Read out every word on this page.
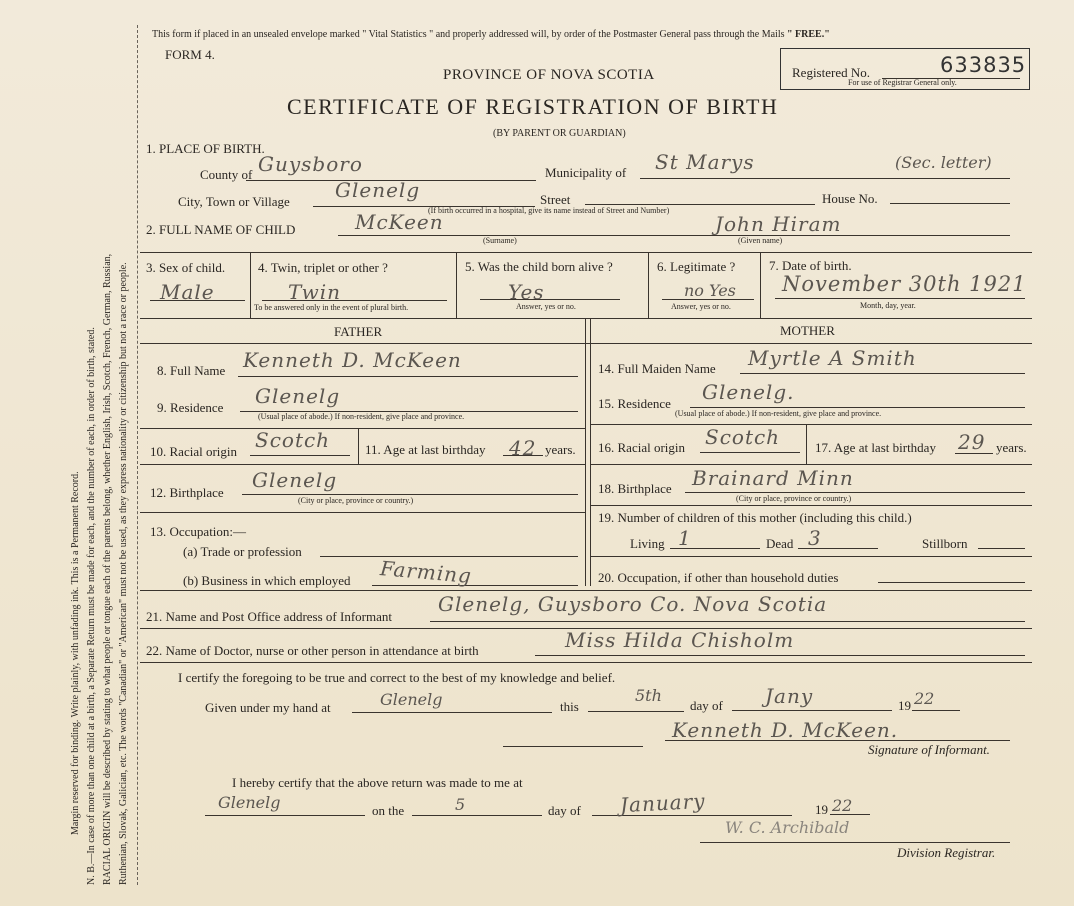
Margin reserved for binding. Write plainly, with unfading ink. This is a Permanent Record. N. B.—In case of more than one child at a birth, a Separate Return must be made for each, and the number of each, in order of birth, stated. RACIAL ORIGIN will be described by stating to what people or tongue each of the parents belong, whether English, Irish, Scotch, French, German, Russian, Ruthenian, Slovak, Galician, etc. The words "Canadian" or "American" must not be used, as they express nationality or citizenship but not a race or people.
This form if placed in an unsealed envelope marked " Vital Statistics " and properly addressed will, by order of the Postmaster General pass through the Mails " FREE."
FORM 4.
Registered No.	633835
For use of Registrar General only.
PROVINCE OF NOVA SCOTIA
CERTIFICATE OF REGISTRATION OF BIRTH
(BY PARENT OR GUARDIAN)
1. PLACE OF BIRTH.
County of Guysboro	Municipality of St Marys	(Sec. letter)
City, Town or Village Glenelg	Street	House No.
(If birth occurred in a hospital, give its name instead of Street and Number)
2. FULL NAME OF CHILD	McKeen
(Surname)
John Hiram
(Given name)
3. Sex of child.
Male
4. Twin, triplet or other ?
Twin
To be answered only in the event of plural birth.
5. Was the child born alive ?
Yes
Answer, yes or no.
6. Legitimate ?
no Yes
Answer, yes or no.
7. Date of birth.
November 30th 1921
Month, day, year.
FATHER	MOTHER
8. Full Name Kenneth D. McKeen
9. Residence Glenelg
(Usual place of abode.) If non-resident, give place and province.
10. Racial origin Scotch	11. Age at last birthday 42 years.
12. Birthplace
Glenelg
(City or place, province or country.)
13. Occupation:—
(a) Trade or profession
(b) Business in which employed Farming
14. Full Maiden Name Myrtle A Smith
15. Residence Glenelg.
(Usual place of abode.) If non-resident, give place and province.
16. Racial origin Scotch	17. Age at last birthday 29 years.
18. Birthplace Brainard Minn
(City or place, province or country.)
19. Number of children of this mother (including this child.)
Living 1	Dead 3	Stillborn
20. Occupation, if other than household duties
21. Name and Post Office address of Informant
Glenelg, Guysboro Co. Nova Scotia
22. Name of Doctor, nurse or other person in attendance at birth	Miss Hilda Chisholm
I certify the foregoing to be true and correct to the best of my knowledge and belief.
Given under my hand at	Glenelg	this
5th
day of Jany	19 22
Kenneth D. McKeen.
Signature of Informant.
I hereby certify that the above return was made to me at
Glenelg	on the	5	day of January	19 22
W. C. Archibald
Division Registrar.
